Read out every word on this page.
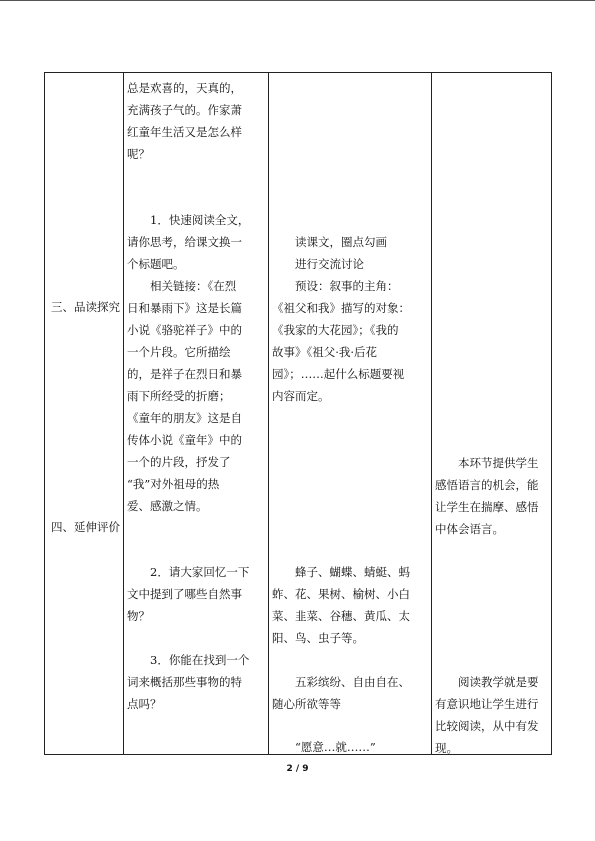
三、品读探究
四、延伸评价

总是欢喜的，天真的，

充满孩子气的。作家萧

红童年生活又是怎么样

呢？

　　1．快速阅读全文，

请你思考，给课文换一

个标题吧。

　　相关链接：《在烈

日和暴雨下》这是长篇

小说《骆驼祥子》中的

一个片段。它所描绘

的，是祥子在烈日和暴

雨下所经受的折磨；

《童年的朋友》这是自

传体小说《童年》中的

一个的片段，抒发了

“我”对外祖母的热

爱、感激之情。

　　2．请大家回忆一下

文中提到了哪些自然事

物？

　　3．你能在找到一个

词来概括那些事物的特

点吗？

　　读课文，圈点勾画

　　进行交流讨论

　　预设：叙事的主角：

《祖父和我》描写的对象：

《我家的大花园》；《我的

故事》《祖父·我·后花

园》；……起什么标题要视

内容而定。

　　蜂子、蝴蝶、蜻蜓、蚂

蚱、花、果树、榆树、小白

菜、韭菜、谷穗、黄瓜、太

阳、鸟、虫子等。

　　五彩缤纷、自由自在、

随心所欲等等

　　“愿意…就……”

　　本环节提供学生

感悟语言的机会，能

让学生在揣摩、感悟

中体会语言。

　　阅读教学就是要

有意识地让学生进行

比较阅读，从中有发

现。

2 / 9
